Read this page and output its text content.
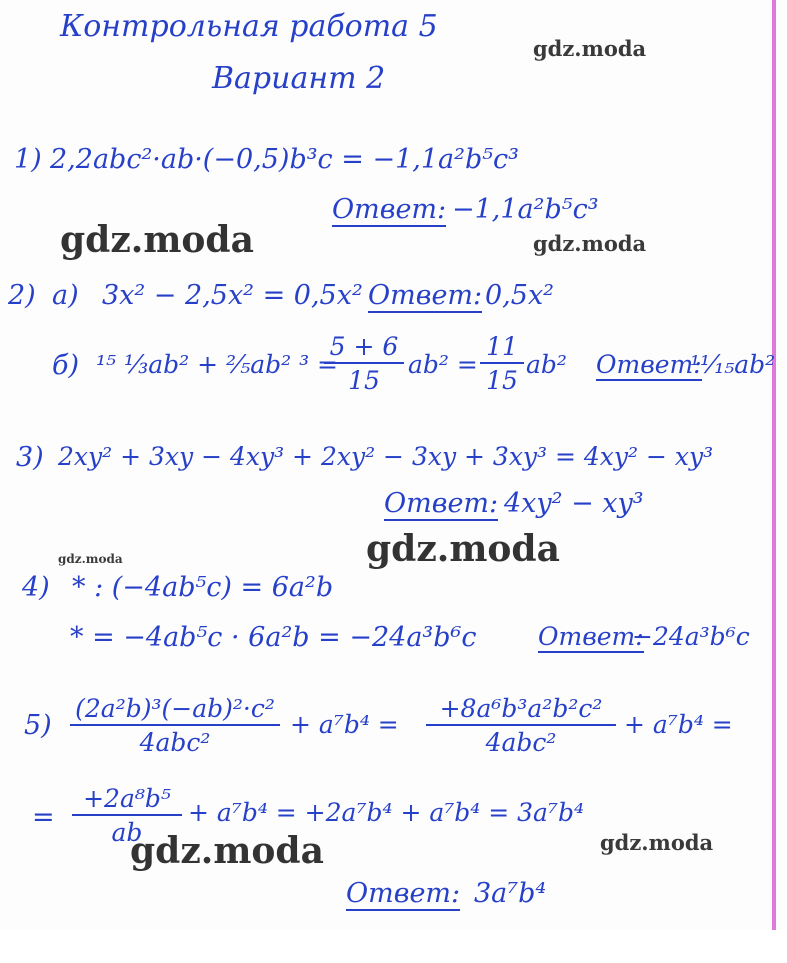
Контрольная работа 5
Вариант 2
gdz.moda
gdz.moda	gdz.moda
gdz.moda
gdz.moda
gdz.moda	gdz.moda
1) 2,2abc²·ab·(−0,5)b³c = −1,1a²b⁵c³
Ответ: −1,1a²b⁵c³
2) а) 3x² − 2,5x² = 0,5x² Ответ: 0,5x²
б) ¹⁵ ⅓ab² + ²⁄₅ab² ³ =
$\frac{5 + 6}{15} ab^2 = \frac{11}{15} ab^2$ Ответ:
¹¹⁄₁₅ab²
3) 2xy² + 3xy − 4xy³ + 2xy² − 3xy + 3xy³ = 4xy² − xy³
Ответ: 4xy² − xy³
4) * : (−4ab⁵c) = 6a²b
* = −4ab⁵c · 6a²b = −24a³b⁶c Ответ:
−24a³b⁶c
5)
(2a²b)³(−ab)²·c²
4abc²
+ a⁷b⁴ =
+8a⁶b³a²b²c²
4abc²
+ a⁷b⁴ =
= $\frac{\text{+2a⁸b⁵}}{ab} + a^7b^4 = +2a^7b^4 + a^7b^4 = 3a^7b^4$
Ответ: 3a⁷b⁴
